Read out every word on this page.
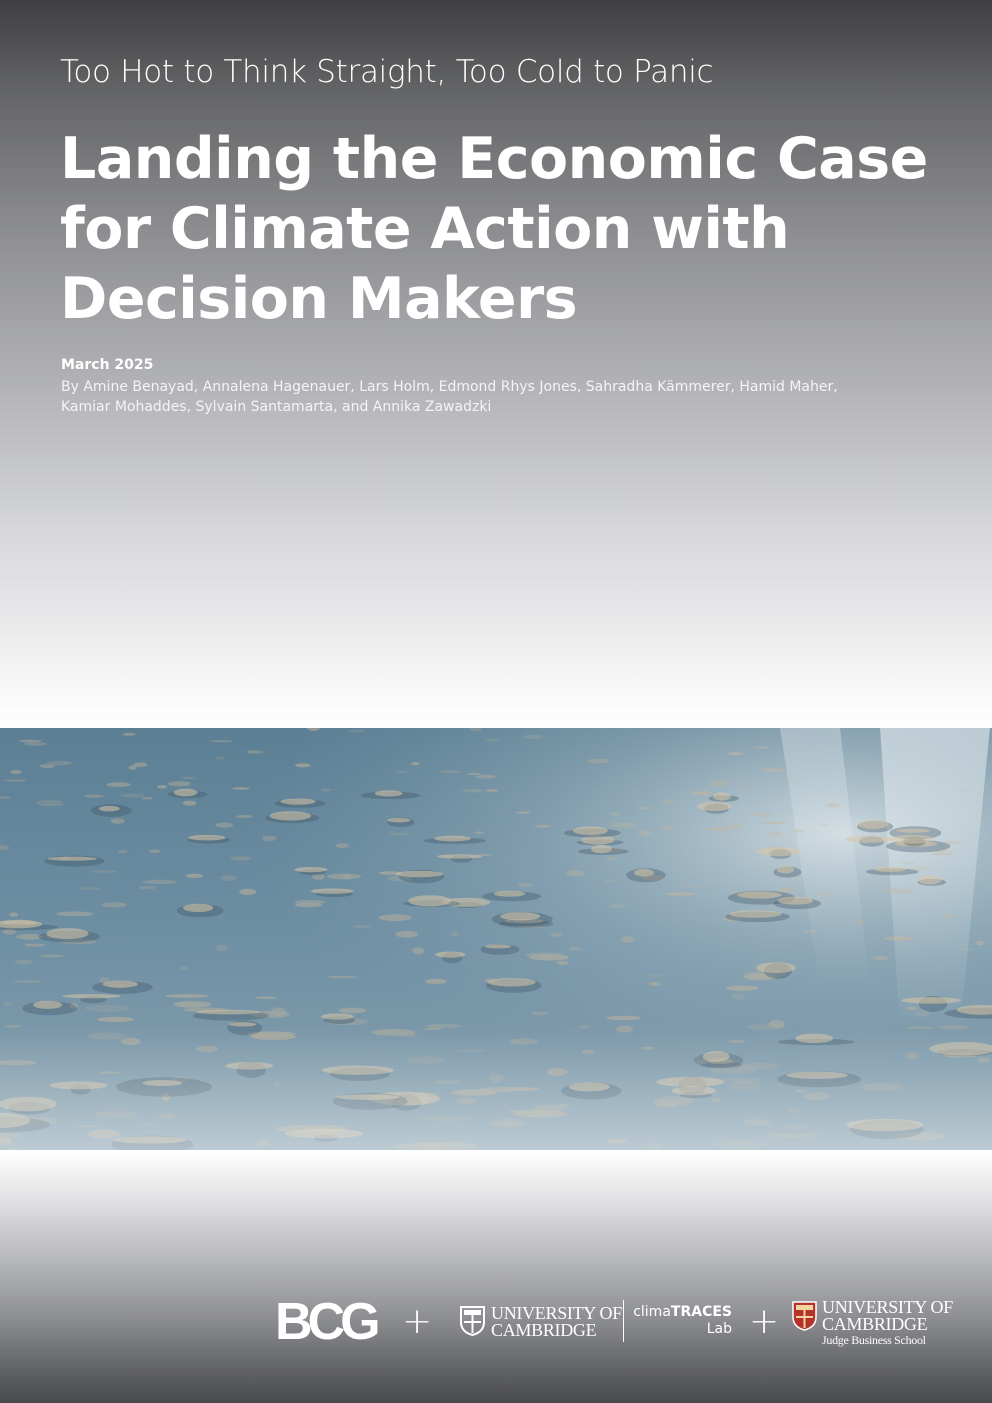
Too Hot to Think Straight, Too Cold to Panic
Landing the Economic Case
for Climate Action with
Decision Makers
March 2025
By Amine Benayad, Annalena Hagenauer, Lars Holm, Edmond Rhys Jones, Sahradha Kämmerer, Hamid Maher,
Kamiar Mohaddes, Sylvain Santamarta, and Annika Zawadzki
BCG +	UNIVERSITY OF
CAMBRIDGE
climaTRACES
Lab + UNIVERSITY OF
CAMBRIDGE
Judge Business School
